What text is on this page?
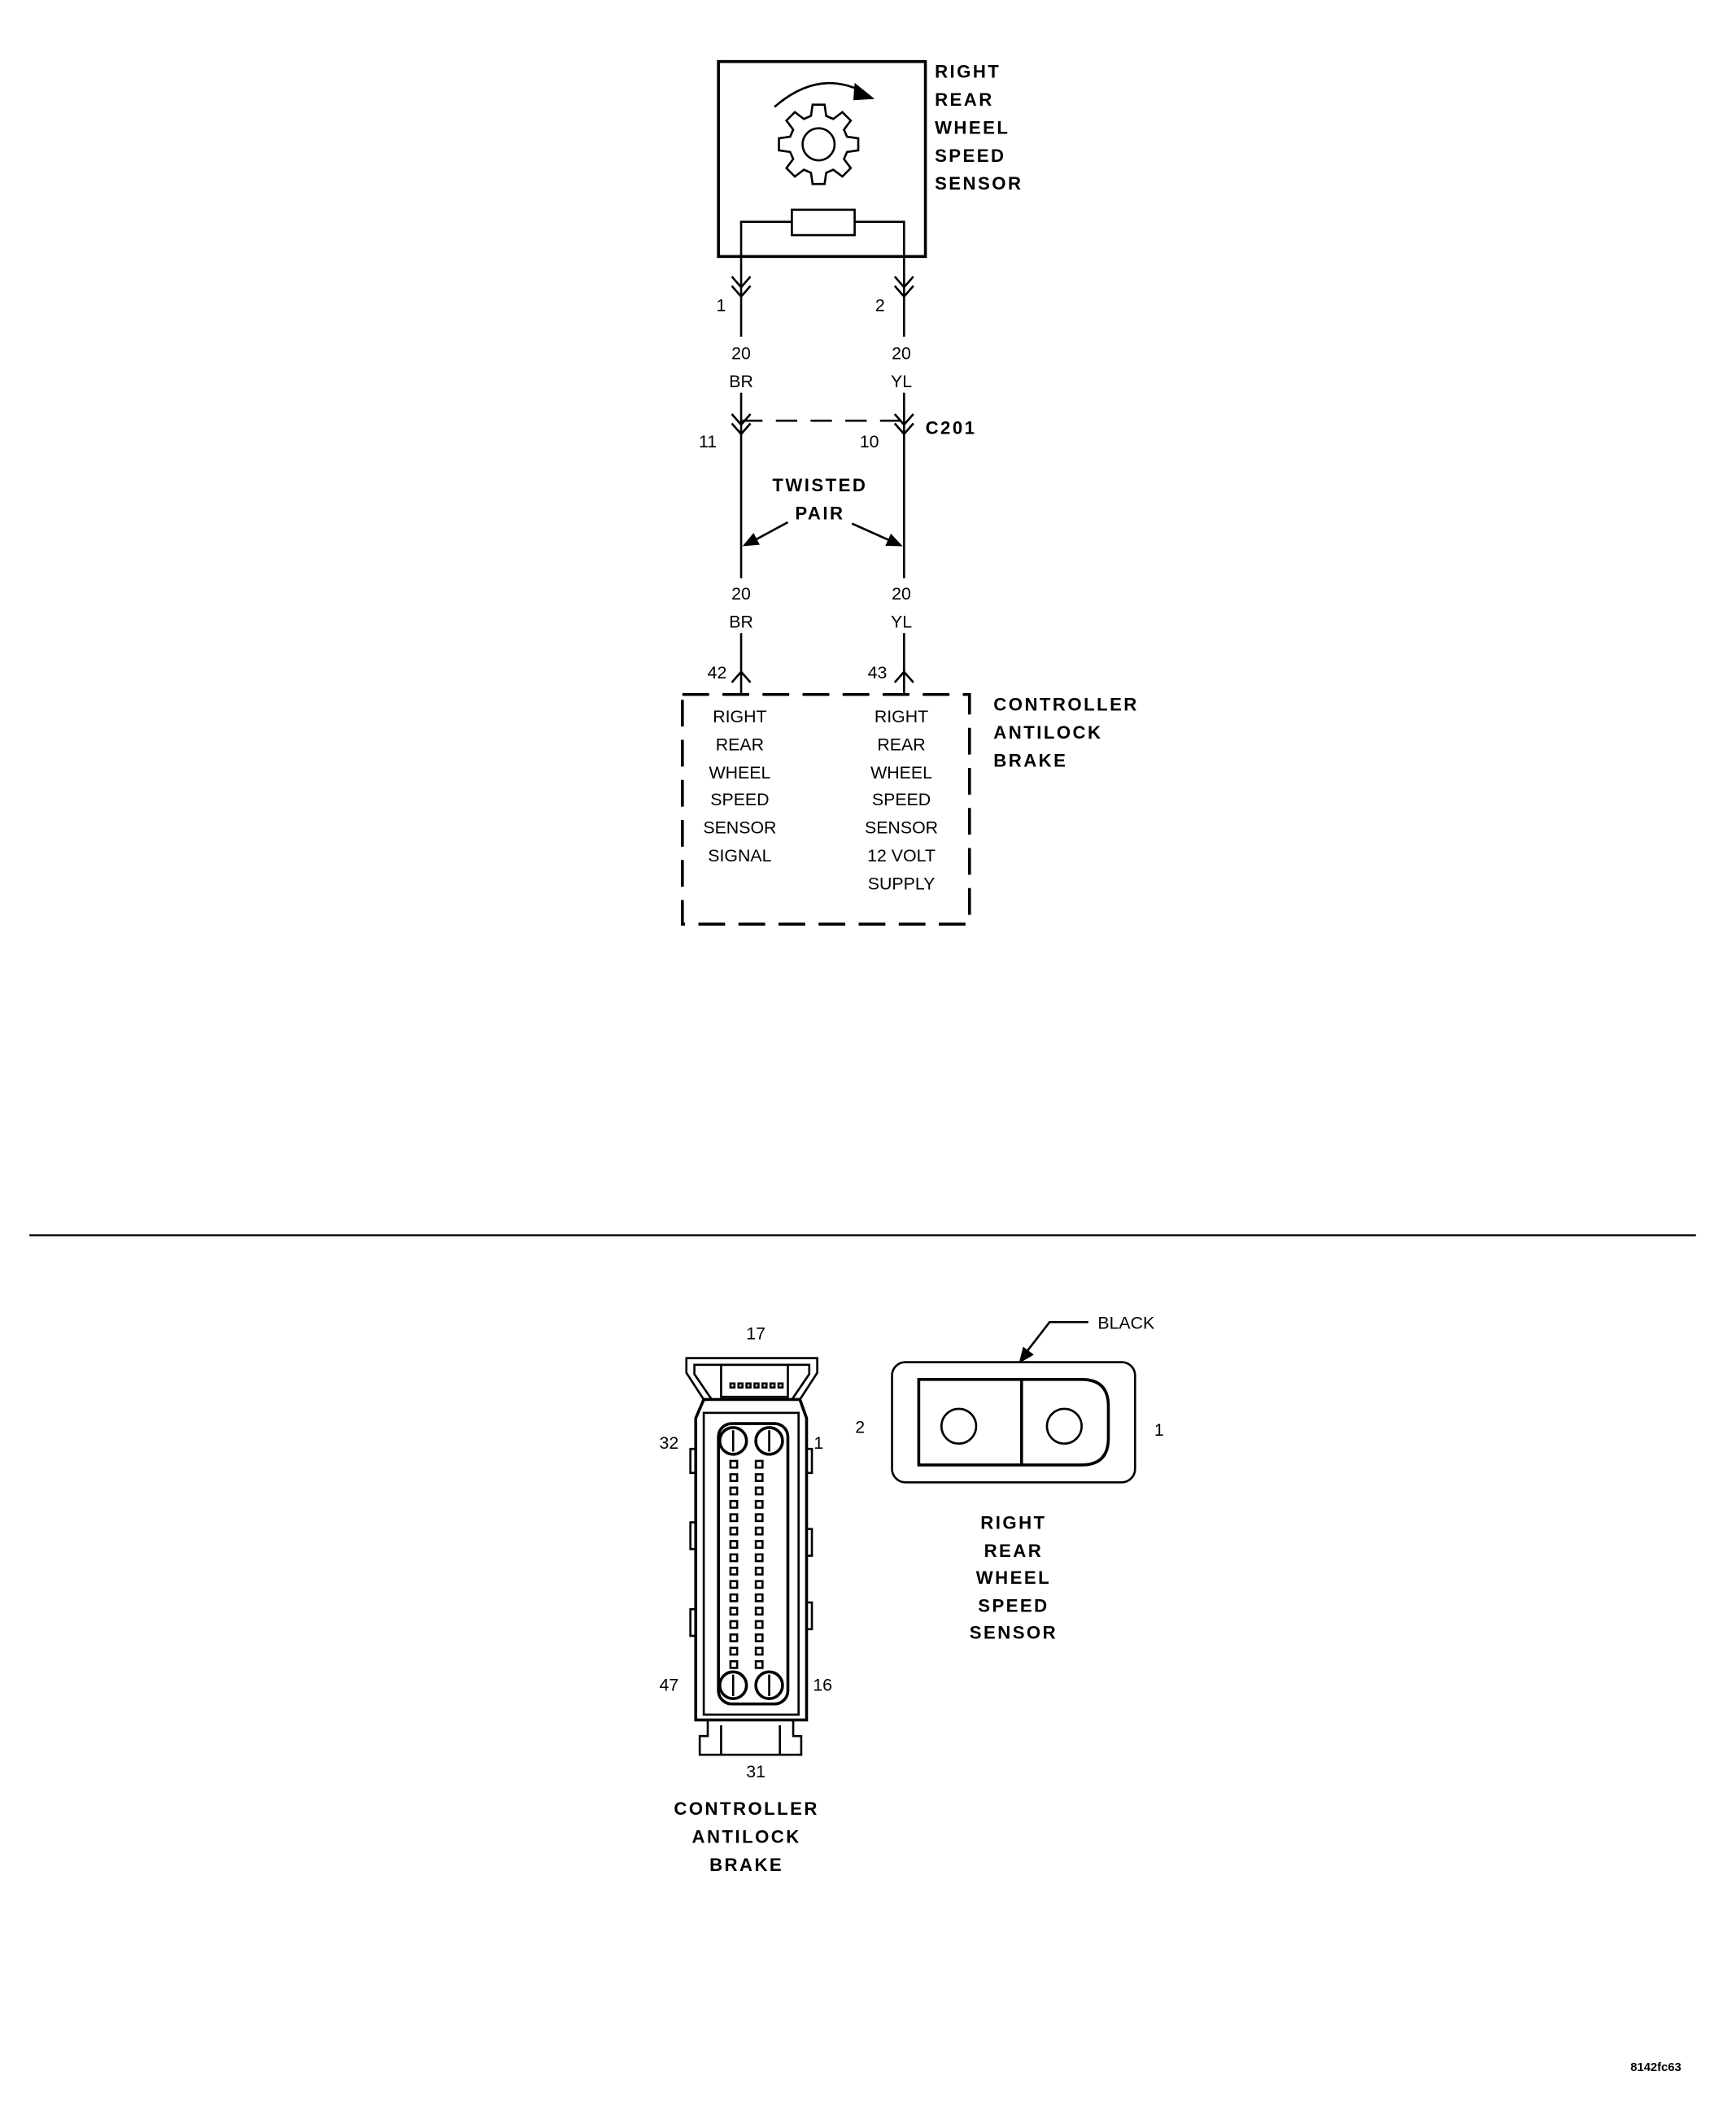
RIGHT
REAR
WHEEL
SPEED
SENSOR
1	2
20
BR
20
YL
11	10
C201
TWISTED
PAIR
20
BR
20
YL
42	43
RIGHT
REAR
WHEEL
SPEED
SENSOR
SIGNAL
RIGHT
REAR
WHEEL
SPEED
SENSOR
12 VOLT
SUPPLY
CONTROLLER
ANTILOCK
BRAKE
17
32	1
47	16
31
CONTROLLER
ANTILOCK
BRAKE
2	1
BLACK
RIGHT
REAR
WHEEL
SPEED
SENSOR
8142fc63
